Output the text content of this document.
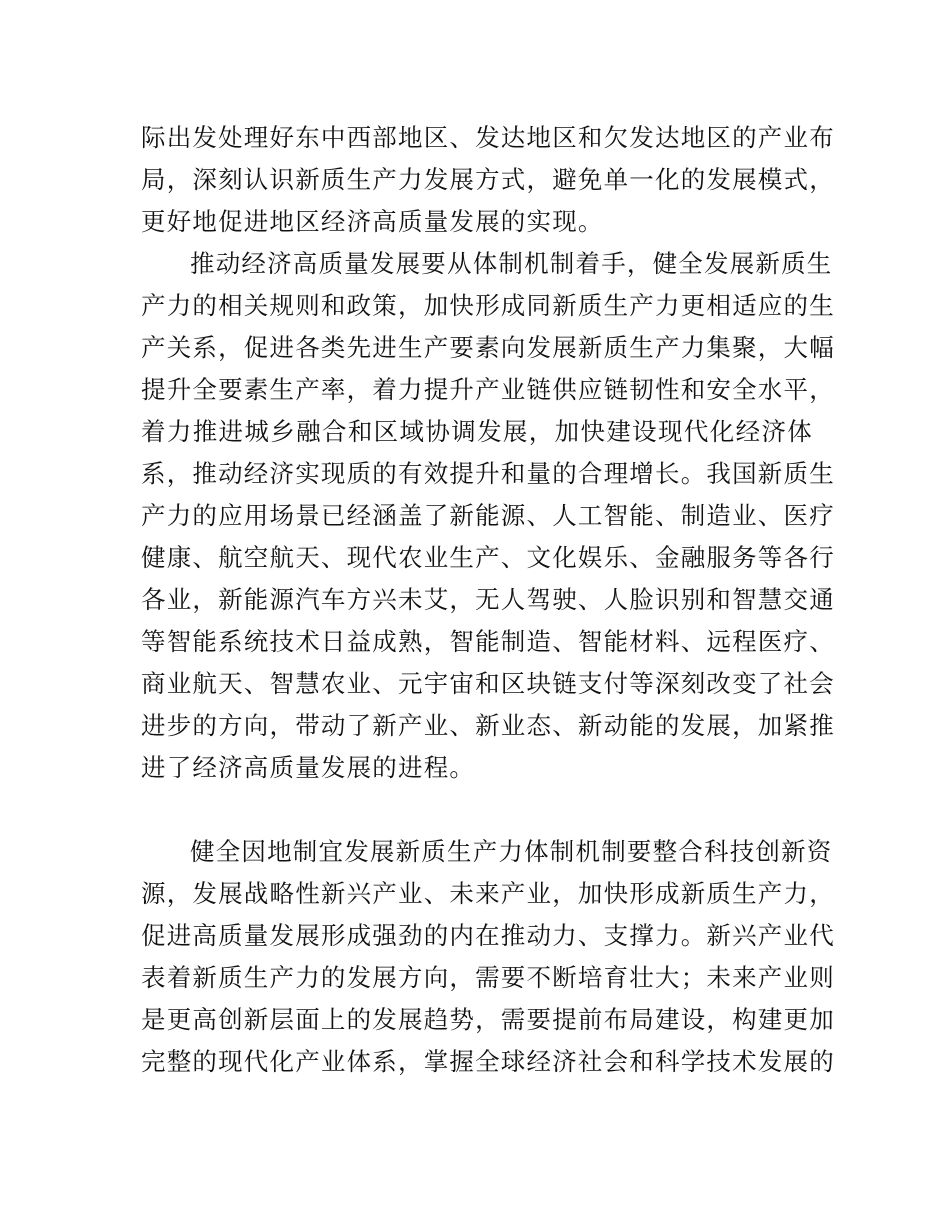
际出发处理好东中西部地区、发达地区和欠发达地区的产业布
局，深刻认识新质生产力发展方式，避免单一化的发展模式，
更好地促进地区经济高质量发展的实现。
推动经济高质量发展要从体制机制着手，健全发展新质生
产力的相关规则和政策，加快形成同新质生产力更相适应的生
产关系，促进各类先进生产要素向发展新质生产力集聚，大幅
提升全要素生产率，着力提升产业链供应链韧性和安全水平，
着力推进城乡融合和区域协调发展，加快建设现代化经济体
系，推动经济实现质的有效提升和量的合理增长。我国新质生
产力的应用场景已经涵盖了新能源、人工智能、制造业、医疗
健康、航空航天、现代农业生产、文化娱乐、金融服务等各行
各业，新能源汽车方兴未艾，无人驾驶、人脸识别和智慧交通
等智能系统技术日益成熟，智能制造、智能材料、远程医疗、
商业航天、智慧农业、元宇宙和区块链支付等深刻改变了社会
进步的方向，带动了新产业、新业态、新动能的发展，加紧推
进了经济高质量发展的进程。
健全因地制宜发展新质生产力体制机制要整合科技创新资
源，发展战略性新兴产业、未来产业，加快形成新质生产力，
促进高质量发展形成强劲的内在推动力、支撑力。新兴产业代
表着新质生产力的发展方向，需要不断培育壮大；未来产业则
是更高创新层面上的发展趋势，需要提前布局建设，构建更加
完整的现代化产业体系，掌握全球经济社会和科学技术发展的
